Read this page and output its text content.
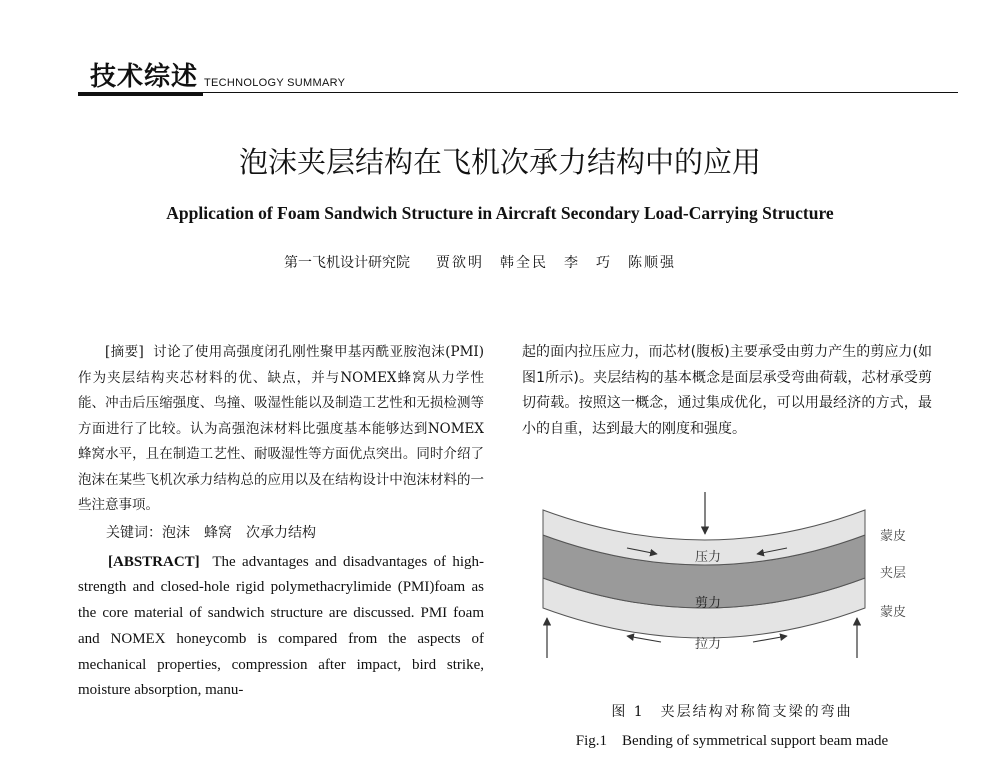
技术综述 TECHNOLOGY SUMMARY
泡沫夹层结构在飞机次承力结构中的应用
Application of Foam Sandwich Structure in Aircraft Secondary Load-Carrying Structure
第一飞机设计研究院 贾欲明　韩全民　李　巧　陈顺强

[摘要] 讨论了使用高强度闭孔刚性聚甲基丙酰亚胺泡沫(PMI)作为夹层结构夹芯材料的优、缺点，并与NOMEX蜂窝从力学性能、冲击后压缩强度、鸟撞、吸湿性能以及制造工艺性和无损检测等方面进行了比较。认为高强泡沫材料比强度基本能够达到NOMEX蜂窝水平，且在制造工艺性、耐吸湿性等方面优点突出。同时介绍了泡沫在某些飞机次承力结构总的应用以及在结构设计中泡沫材料的一些注意事项。

关键词：泡沫　蜂窝　次承力结构

[ABSTRACT] The advantages and disadvantages of high-strength and closed-hole rigid polymethacrylimide (PMI)foam as the core material of sandwich structure are discussed. PMI foam and NOMEX honeycomb is compared from the aspects of mechanical properties, compression after impact, bird strike, moisture absorption, manu-

起的面内拉压应力，而芯材(腹板)主要承受由剪力产生的剪应力(如图1所示)。夹层结构的基本概念是面层承受弯曲荷载，芯材承受剪切荷载。按照这一概念，通过集成优化，可以用最经济的方式，最小的自重，达到最大的刚度和强度。

压力
剪力
拉力
蒙皮
夹层
蒙皮
图 1　夹层结构对称简支梁的弯曲
Fig.1　Bending of symmetrical support beam made
